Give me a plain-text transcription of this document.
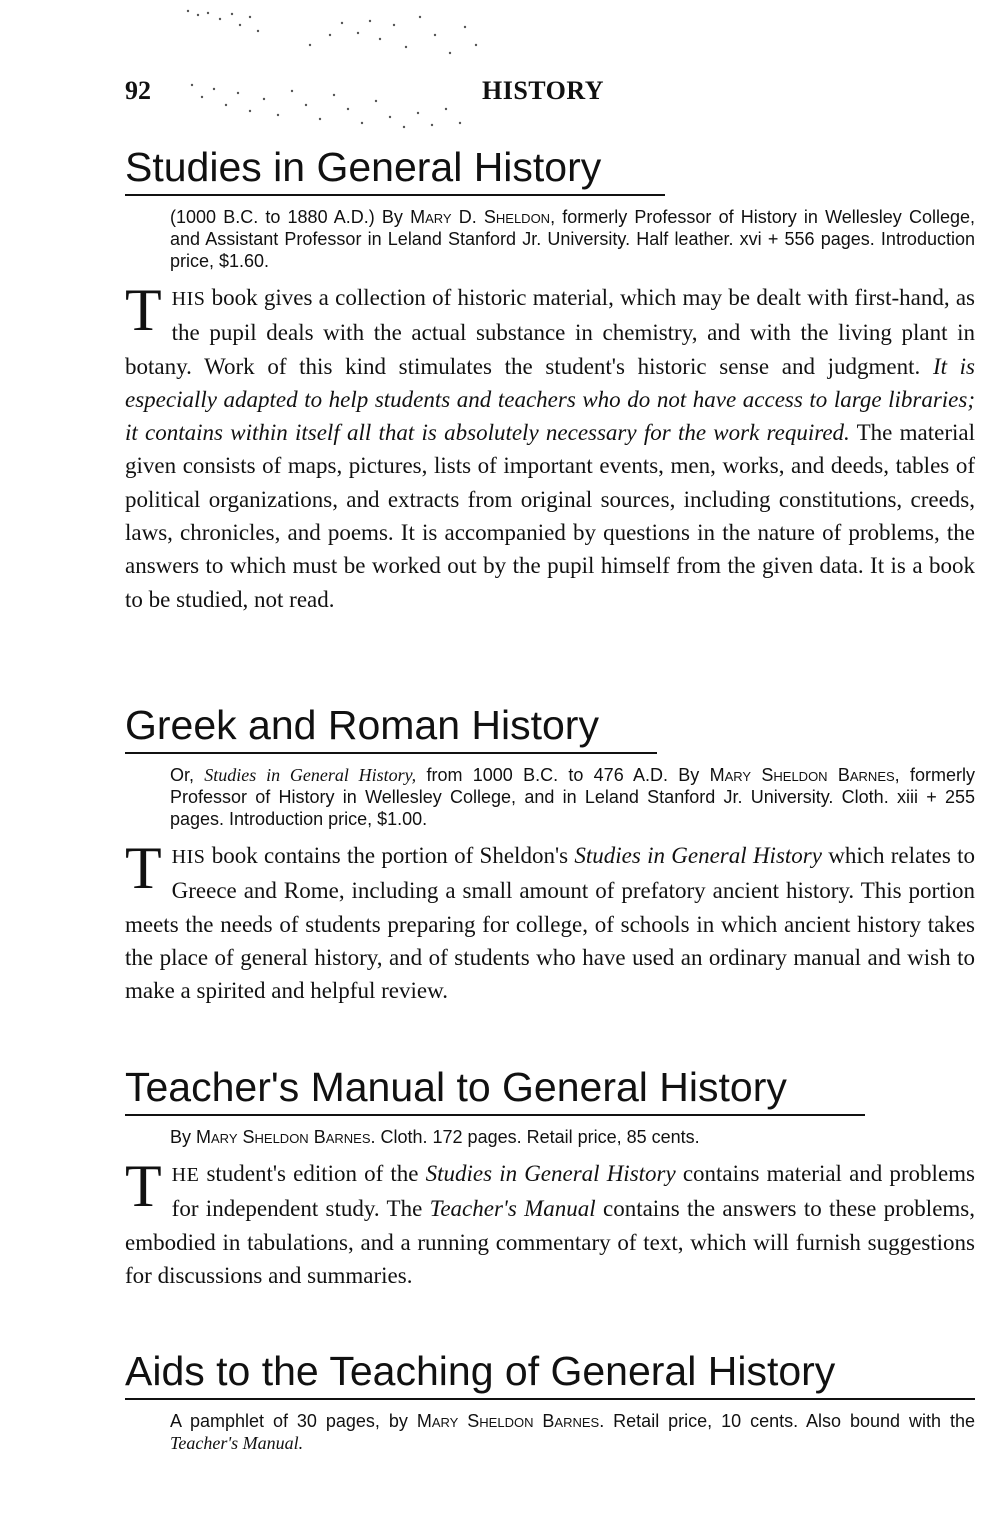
92	HISTORY
Studies in General History
(1000 B.C. to 1880 A.D.) By Mary D. Sheldon, formerly Professor of History in Wellesley College, and Assistant Professor in Leland Stanford Jr. University. Half leather. xvi + 556 pages. Introduction price, $1.60.
THIS book gives a collection of historic material, which may be dealt with first-hand, as the pupil deals with the actual substance in chemistry, and with the living plant in botany. Work of this kind stimulates the student's historic sense and judgment. It is especially adapted to help students and teachers who do not have access to large libraries; it contains within itself all that is absolutely necessary for the work required. The material given consists of maps, pictures, lists of important events, men, works, and deeds, tables of political organizations, and extracts from original sources, including constitutions, creeds, laws, chronicles, and poems. It is accompanied by questions in the nature of problems, the answers to which must be worked out by the pupil himself from the given data. It is a book to be studied, not read.
Greek and Roman History
Or, Studies in General History, from 1000 B.C. to 476 A.D. By Mary Sheldon Barnes, formerly Professor of History in Wellesley College, and in Leland Stanford Jr. University. Cloth. xiii + 255 pages. Introduction price, $1.00.
THIS book contains the portion of Sheldon's Studies in General History which relates to Greece and Rome, including a small amount of prefatory ancient history. This portion meets the needs of students preparing for college, of schools in which ancient history takes the place of general history, and of students who have used an ordinary manual and wish to make a spirited and helpful review.
Teacher's Manual to General History
By Mary Sheldon Barnes. Cloth. 172 pages. Retail price, 85 cents.
THE student's edition of the Studies in General History contains material and problems for independent study. The Teacher's Manual contains the answers to these problems, embodied in tabulations, and a running commentary of text, which will furnish suggestions for discussions and summaries.
Aids to the Teaching of General History
A pamphlet of 30 pages, by Mary Sheldon Barnes. Retail price, 10 cents. Also bound with the Teacher's Manual.
